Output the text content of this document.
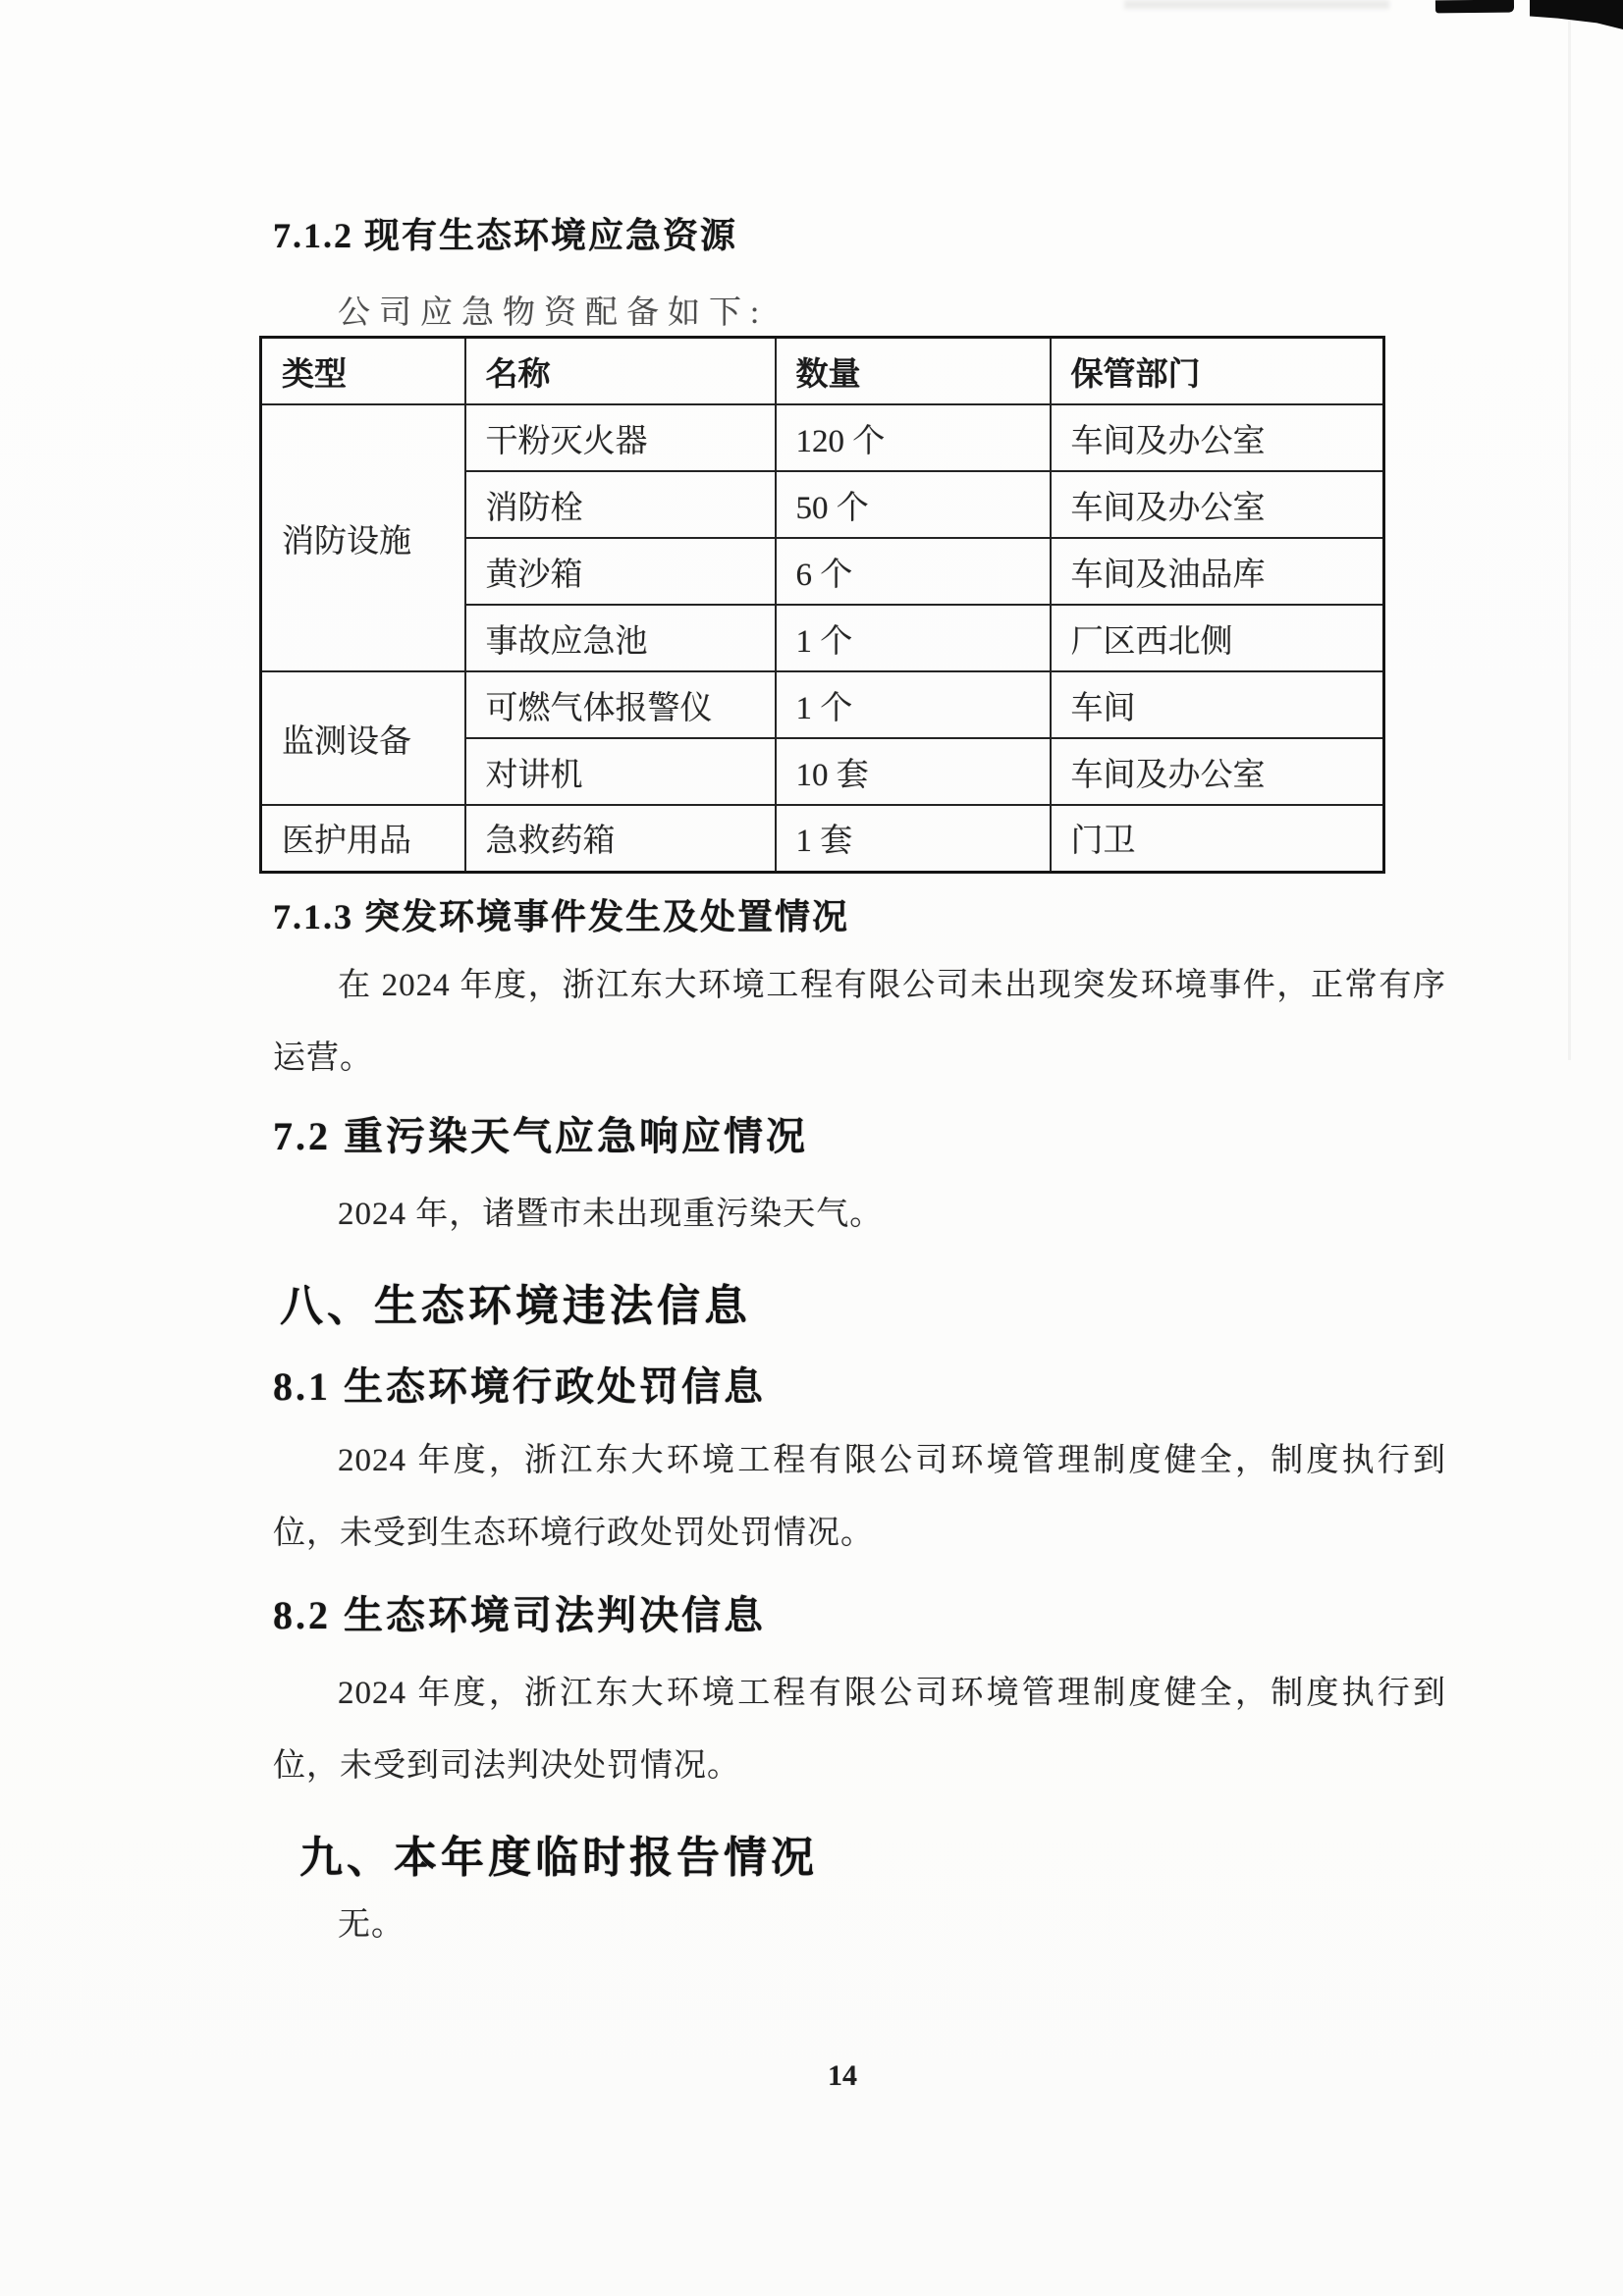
7.1.2 现有生态环境应急资源
公司应急物资配备如下:
类型	名称	数量	保管部门
消防设施	干粉灭火器	120 个	车间及办公室
	消防栓	50 个	车间及办公室
	黄沙箱	6 个	车间及油品库
	事故应急池	1 个	厂区西北侧
监测设备	可燃气体报警仪	1 个	车间
	对讲机	10 套	车间及办公室
医护用品	急救药箱	1 套	门卫
7.1.3 突发环境事件发生及处置情况
在 2024 年度，浙江东大环境工程有限公司未出现突发环境事件，正常有序运营。
7.2 重污染天气应急响应情况
2024 年，诸暨市未出现重污染天气。
八、生态环境违法信息
8.1 生态环境行政处罚信息
2024 年度，浙江东大环境工程有限公司环境管理制度健全，制度执行到位，未受到生态环境行政处罚处罚情况。
8.2 生态环境司法判决信息
2024 年度，浙江东大环境工程有限公司环境管理制度健全，制度执行到位，未受到司法判决处罚情况。
九、本年度临时报告情况
无。
14
